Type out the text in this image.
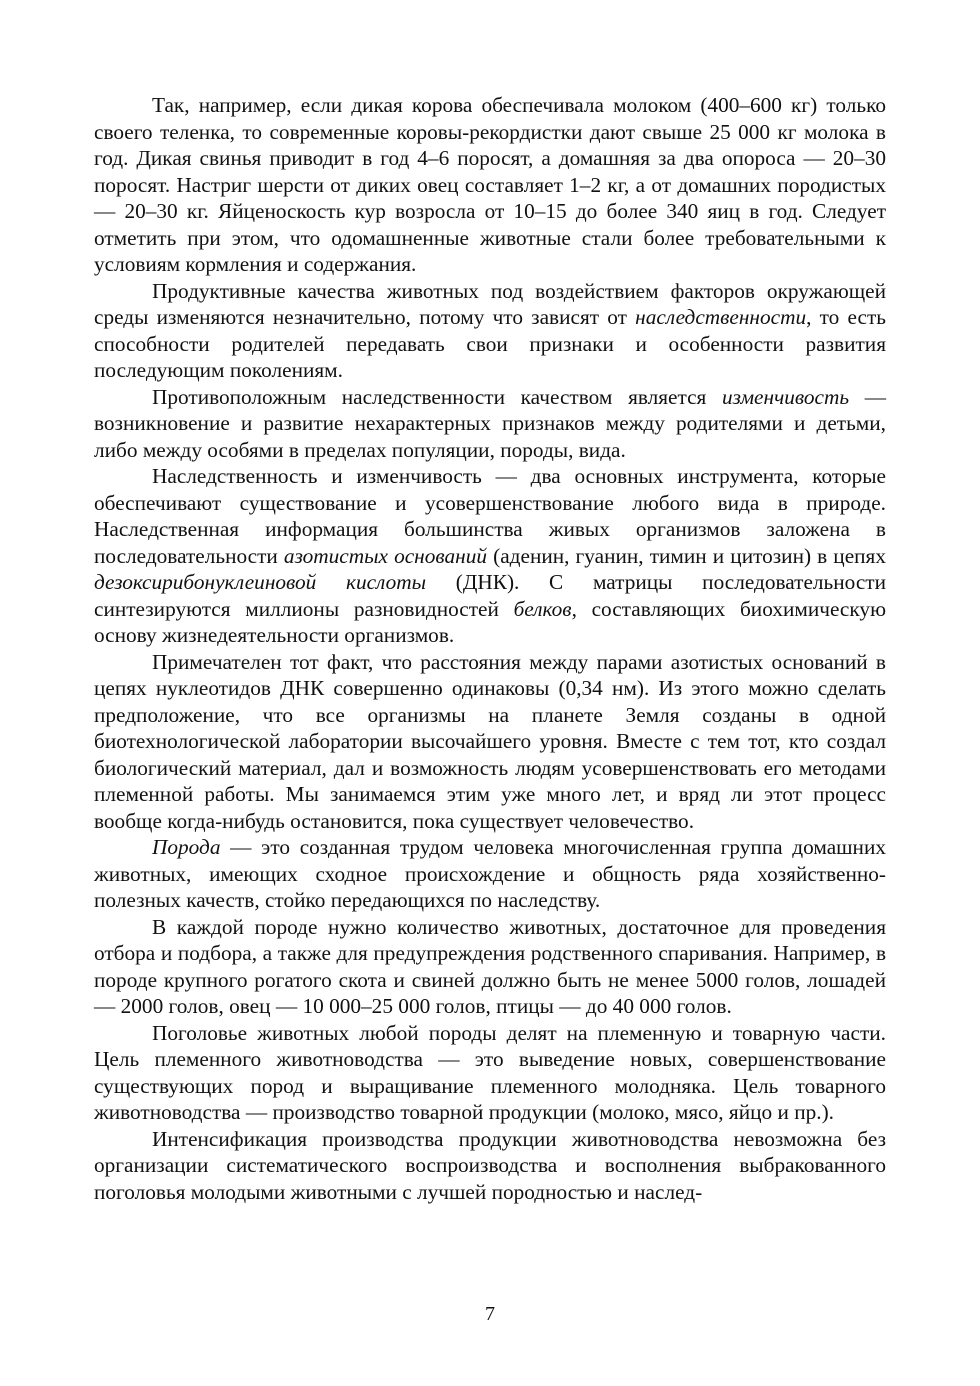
Так, например, если дикая корова обеспечивала молоком (400–600 кг) только своего теленка, то современные коровы-рекордистки дают свыше 25 000 кг молока в год. Дикая свинья приводит в год 4–6 поросят, а домашняя за два опороса — 20–30 поросят. Настриг шерсти от диких овец составляет 1–2 кг, а от домашних породистых — 20–30 кг. Яйценоскость кур возросла от 10–15 до более 340 яиц в год. Следует отметить при этом, что одомашненные животные стали более требовательными к условиям кормления и содержания.

Продуктивные качества животных под воздействием факторов окружающей среды изменяются незначительно, потому что зависят от наследственности, то есть способности родителей передавать свои признаки и особенности развития последующим поколениям.

Противоположным наследственности качеством является изменчивость — возникновение и развитие нехарактерных признаков между родителями и детьми, либо между особями в пределах популяции, породы, вида.

Наследственность и изменчивость — два основных инструмента, которые обеспечивают существование и усовершенствование любого вида в природе. Наследственная информация большинства живых организмов заложена в последовательности азотистых оснований (аденин, гуанин, тимин и цитозин) в цепях дезоксирибонуклеиновой кислоты (ДНК). С матрицы последовательности синтезируются миллионы разновидностей белков, составляющих биохимическую основу жизнедеятельности организмов.

Примечателен тот факт, что расстояния между парами азотистых оснований в цепях нуклеотидов ДНК совершенно одинаковы (0,34 нм). Из этого можно сделать предположение, что все организмы на планете Земля созданы в одной биотехнологической лаборатории высочайшего уровня. Вместе с тем тот, кто создал биологический материал, дал и возможность людям усовершенствовать его методами племенной работы. Мы занимаемся этим уже много лет, и вряд ли этот процесс вообще когда-нибудь остановится, пока существует человечество.

Порода — это созданная трудом человека многочисленная группа домашних животных, имеющих сходное происхождение и общность ряда хозяйственно-полезных качеств, стойко передающихся по наследству.

В каждой породе нужно количество животных, достаточное для проведения отбора и подбора, а также для предупреждения родственного спаривания. Например, в породе крупного рогатого скота и свиней должно быть не менее 5000 голов, лошадей — 2000 голов, овец — 10 000–25 000 голов, птицы — до 40 000 голов.

Поголовье животных любой породы делят на племенную и товарную части. Цель племенного животноводства — это выведение новых, совершенствование существующих пород и выращивание племенного молодняка. Цель товарного животноводства — производство товарной продукции (молоко, мясо, яйцо и пр.).

Интенсификация производства продукции животноводства невозможна без организации систематического воспроизводства и восполнения выбракованного поголовья молодыми животными с лучшей породностью и наслед-

7
